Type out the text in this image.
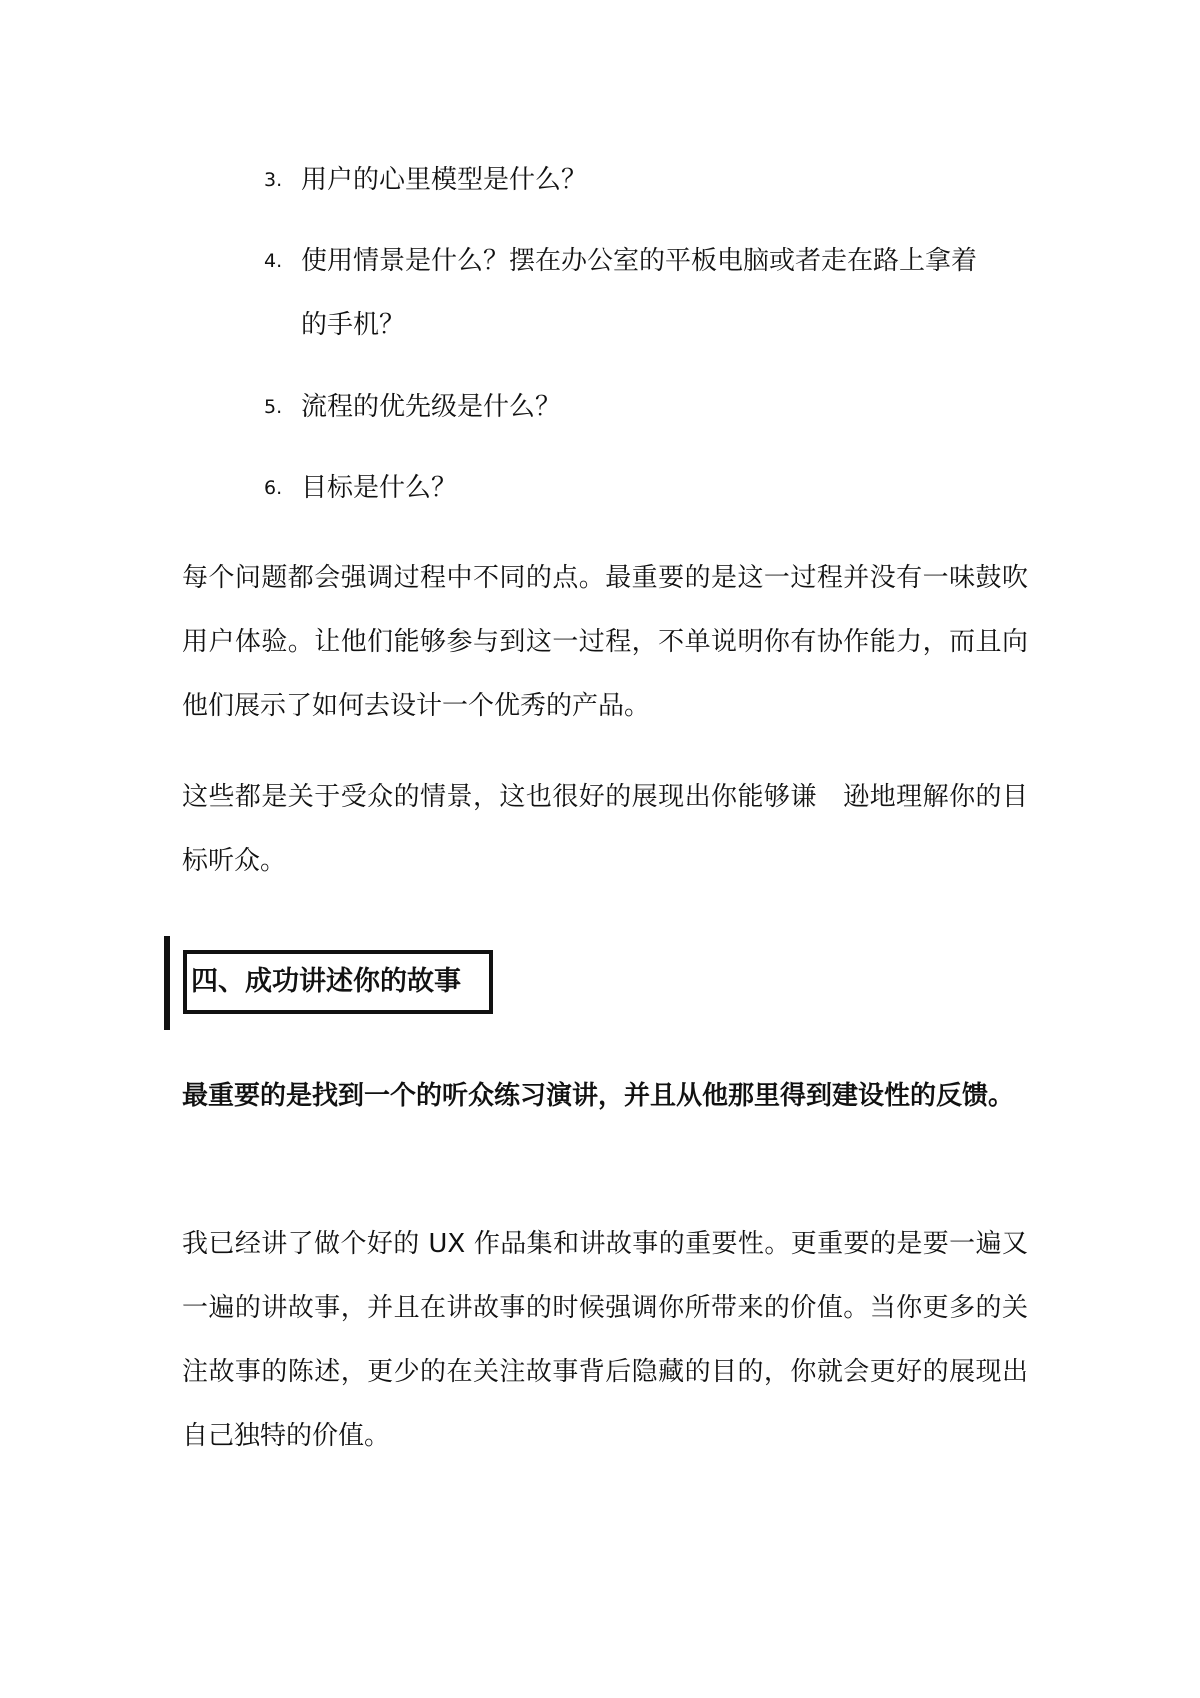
3. 用户的心里模型是什么？
4. 使用情景是什么？摆在办公室的平板电脑或者走在路上拿着的手机？
5. 流程的优先级是什么？
6. 目标是什么？
每个问题都会强调过程中不同的点。最重要的是这一过程并没有一味鼓吹用户体验。让他们能够参与到这一过程，不单说明你有协作能力，而且向他们展示了如何去设计一个优秀的产品。
这些都是关于受众的情景，这也很好的展现出你能够谦　逊地理解你的目标听众。
四、成功讲述你的故事
最重要的是找到一个的听众练习演讲，并且从他那里得到建设性的反馈。
我已经讲了做个好的 UX 作品集和讲故事的重要性。更重要的是要一遍又一遍的讲故事，并且在讲故事的时候强调你所带来的价值。当你更多的关注故事的陈述，更少的在关注故事背后隐藏的目的，你就会更好的展现出自己独特的价值。
